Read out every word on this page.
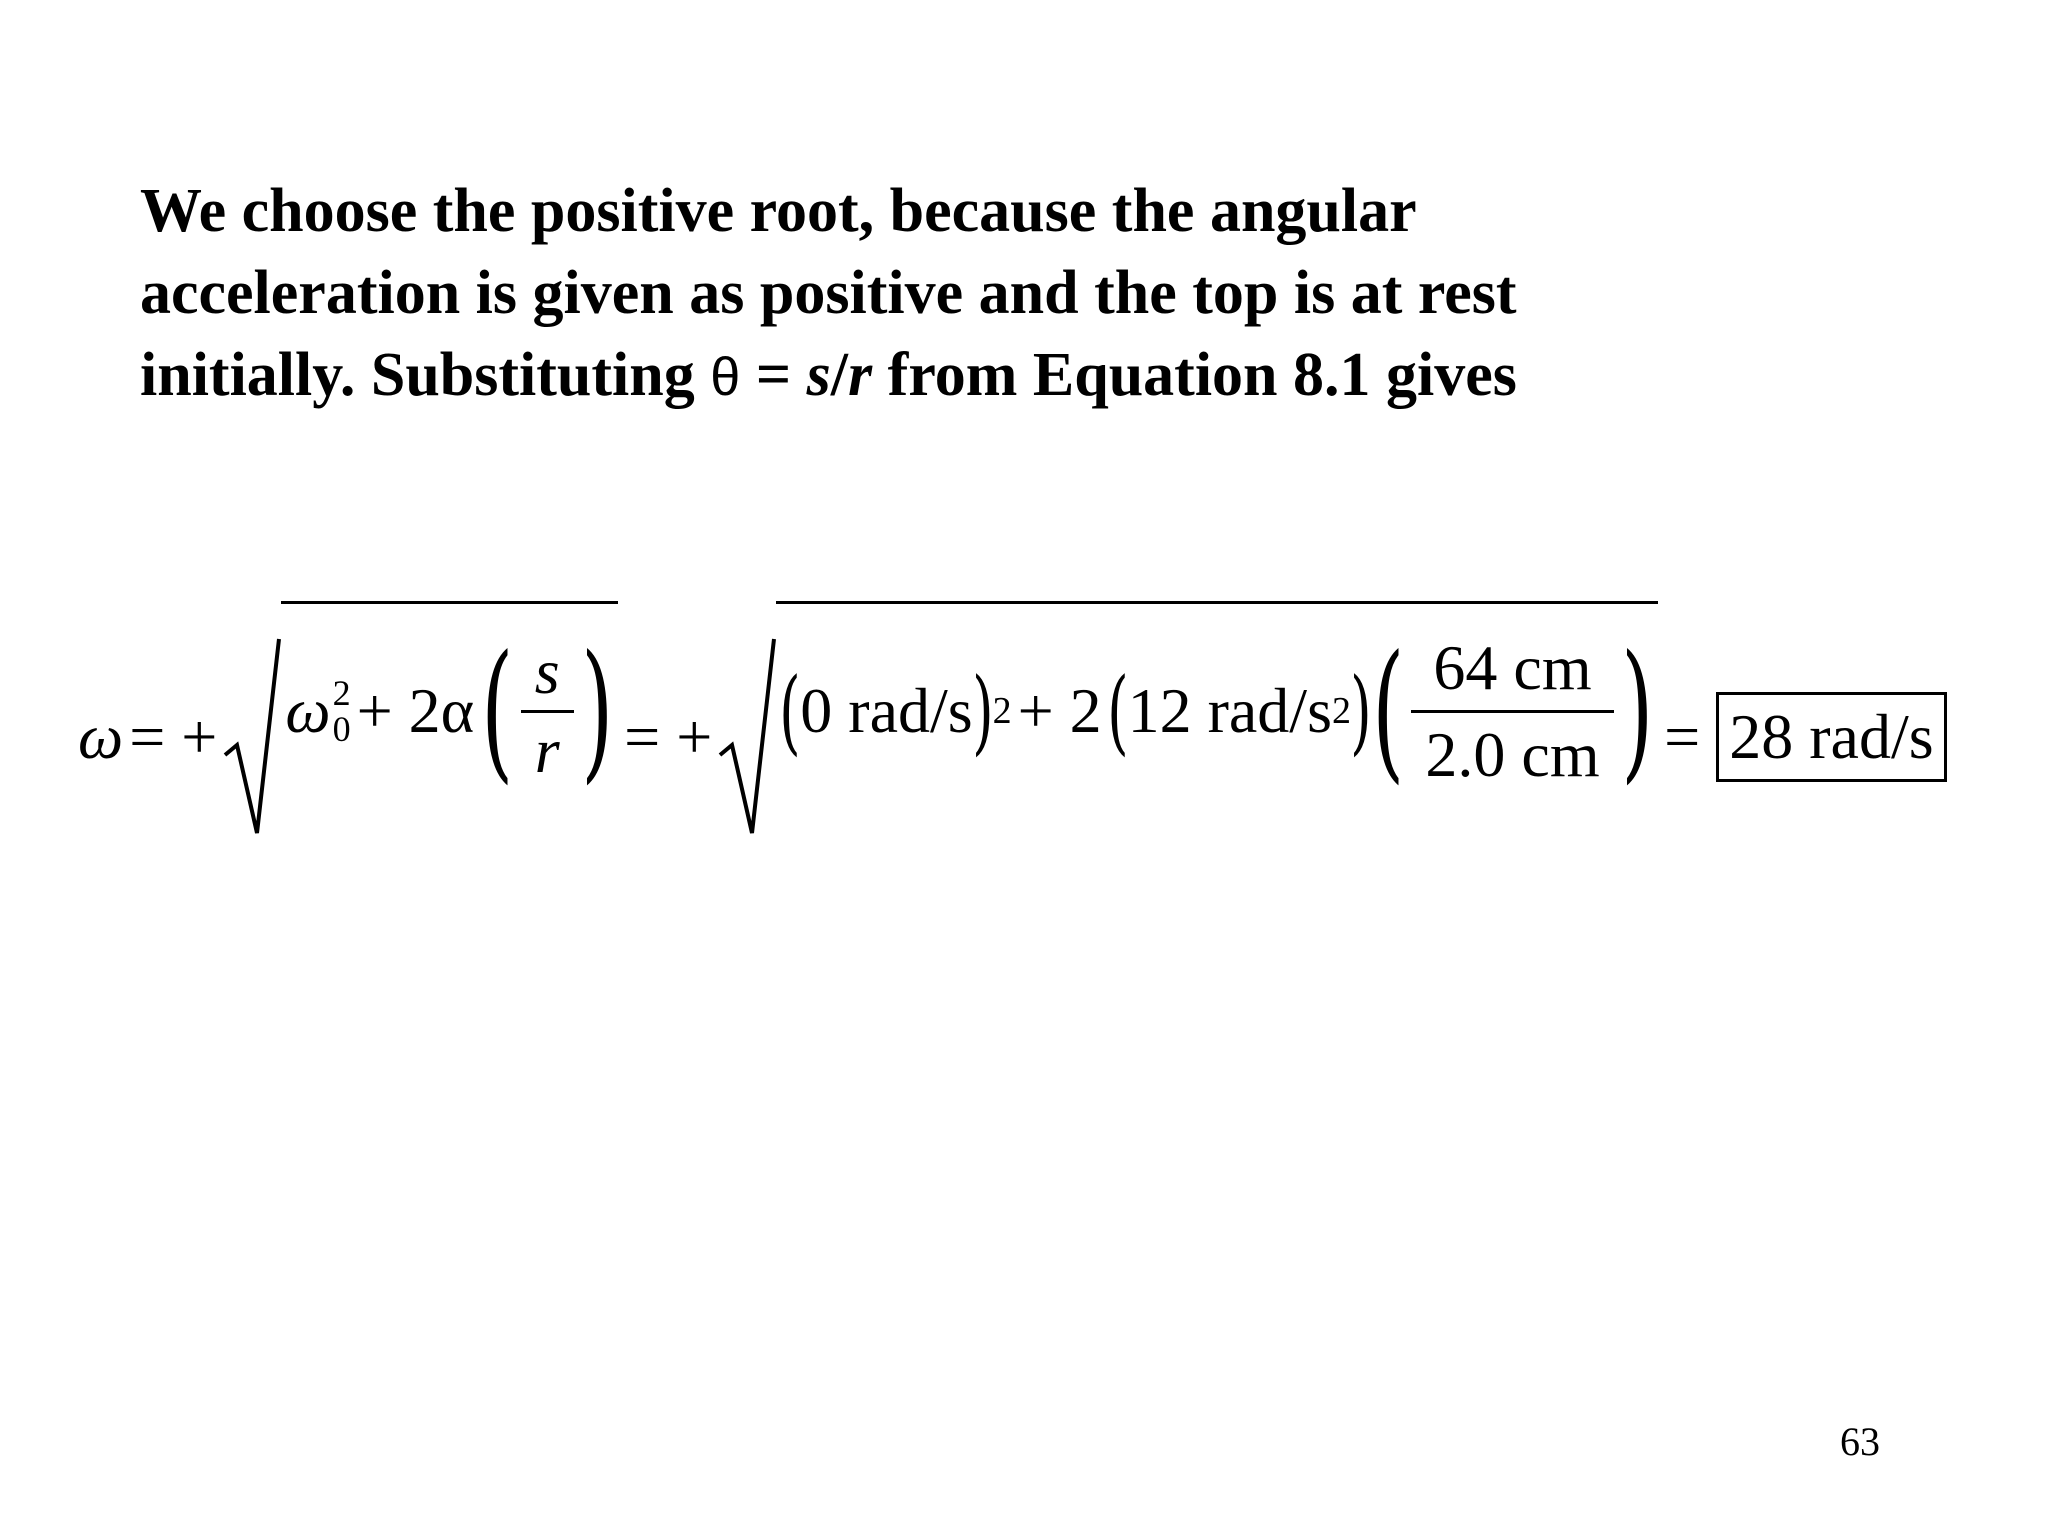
We choose the positive root, because the angular
acceleration is given as positive and the top is at rest
initially. Substituting θ = s/r from Equation 8.1 gives
ω = + ω 2
0 + 2α ( $\frac{s}{r}$ ) = + ( 0 rad/s ) 2 + 2 ( 12 rad/s 2 ) ( $\frac{64 cm}{2.0 cm}$ ) = 28 rad/s
63
